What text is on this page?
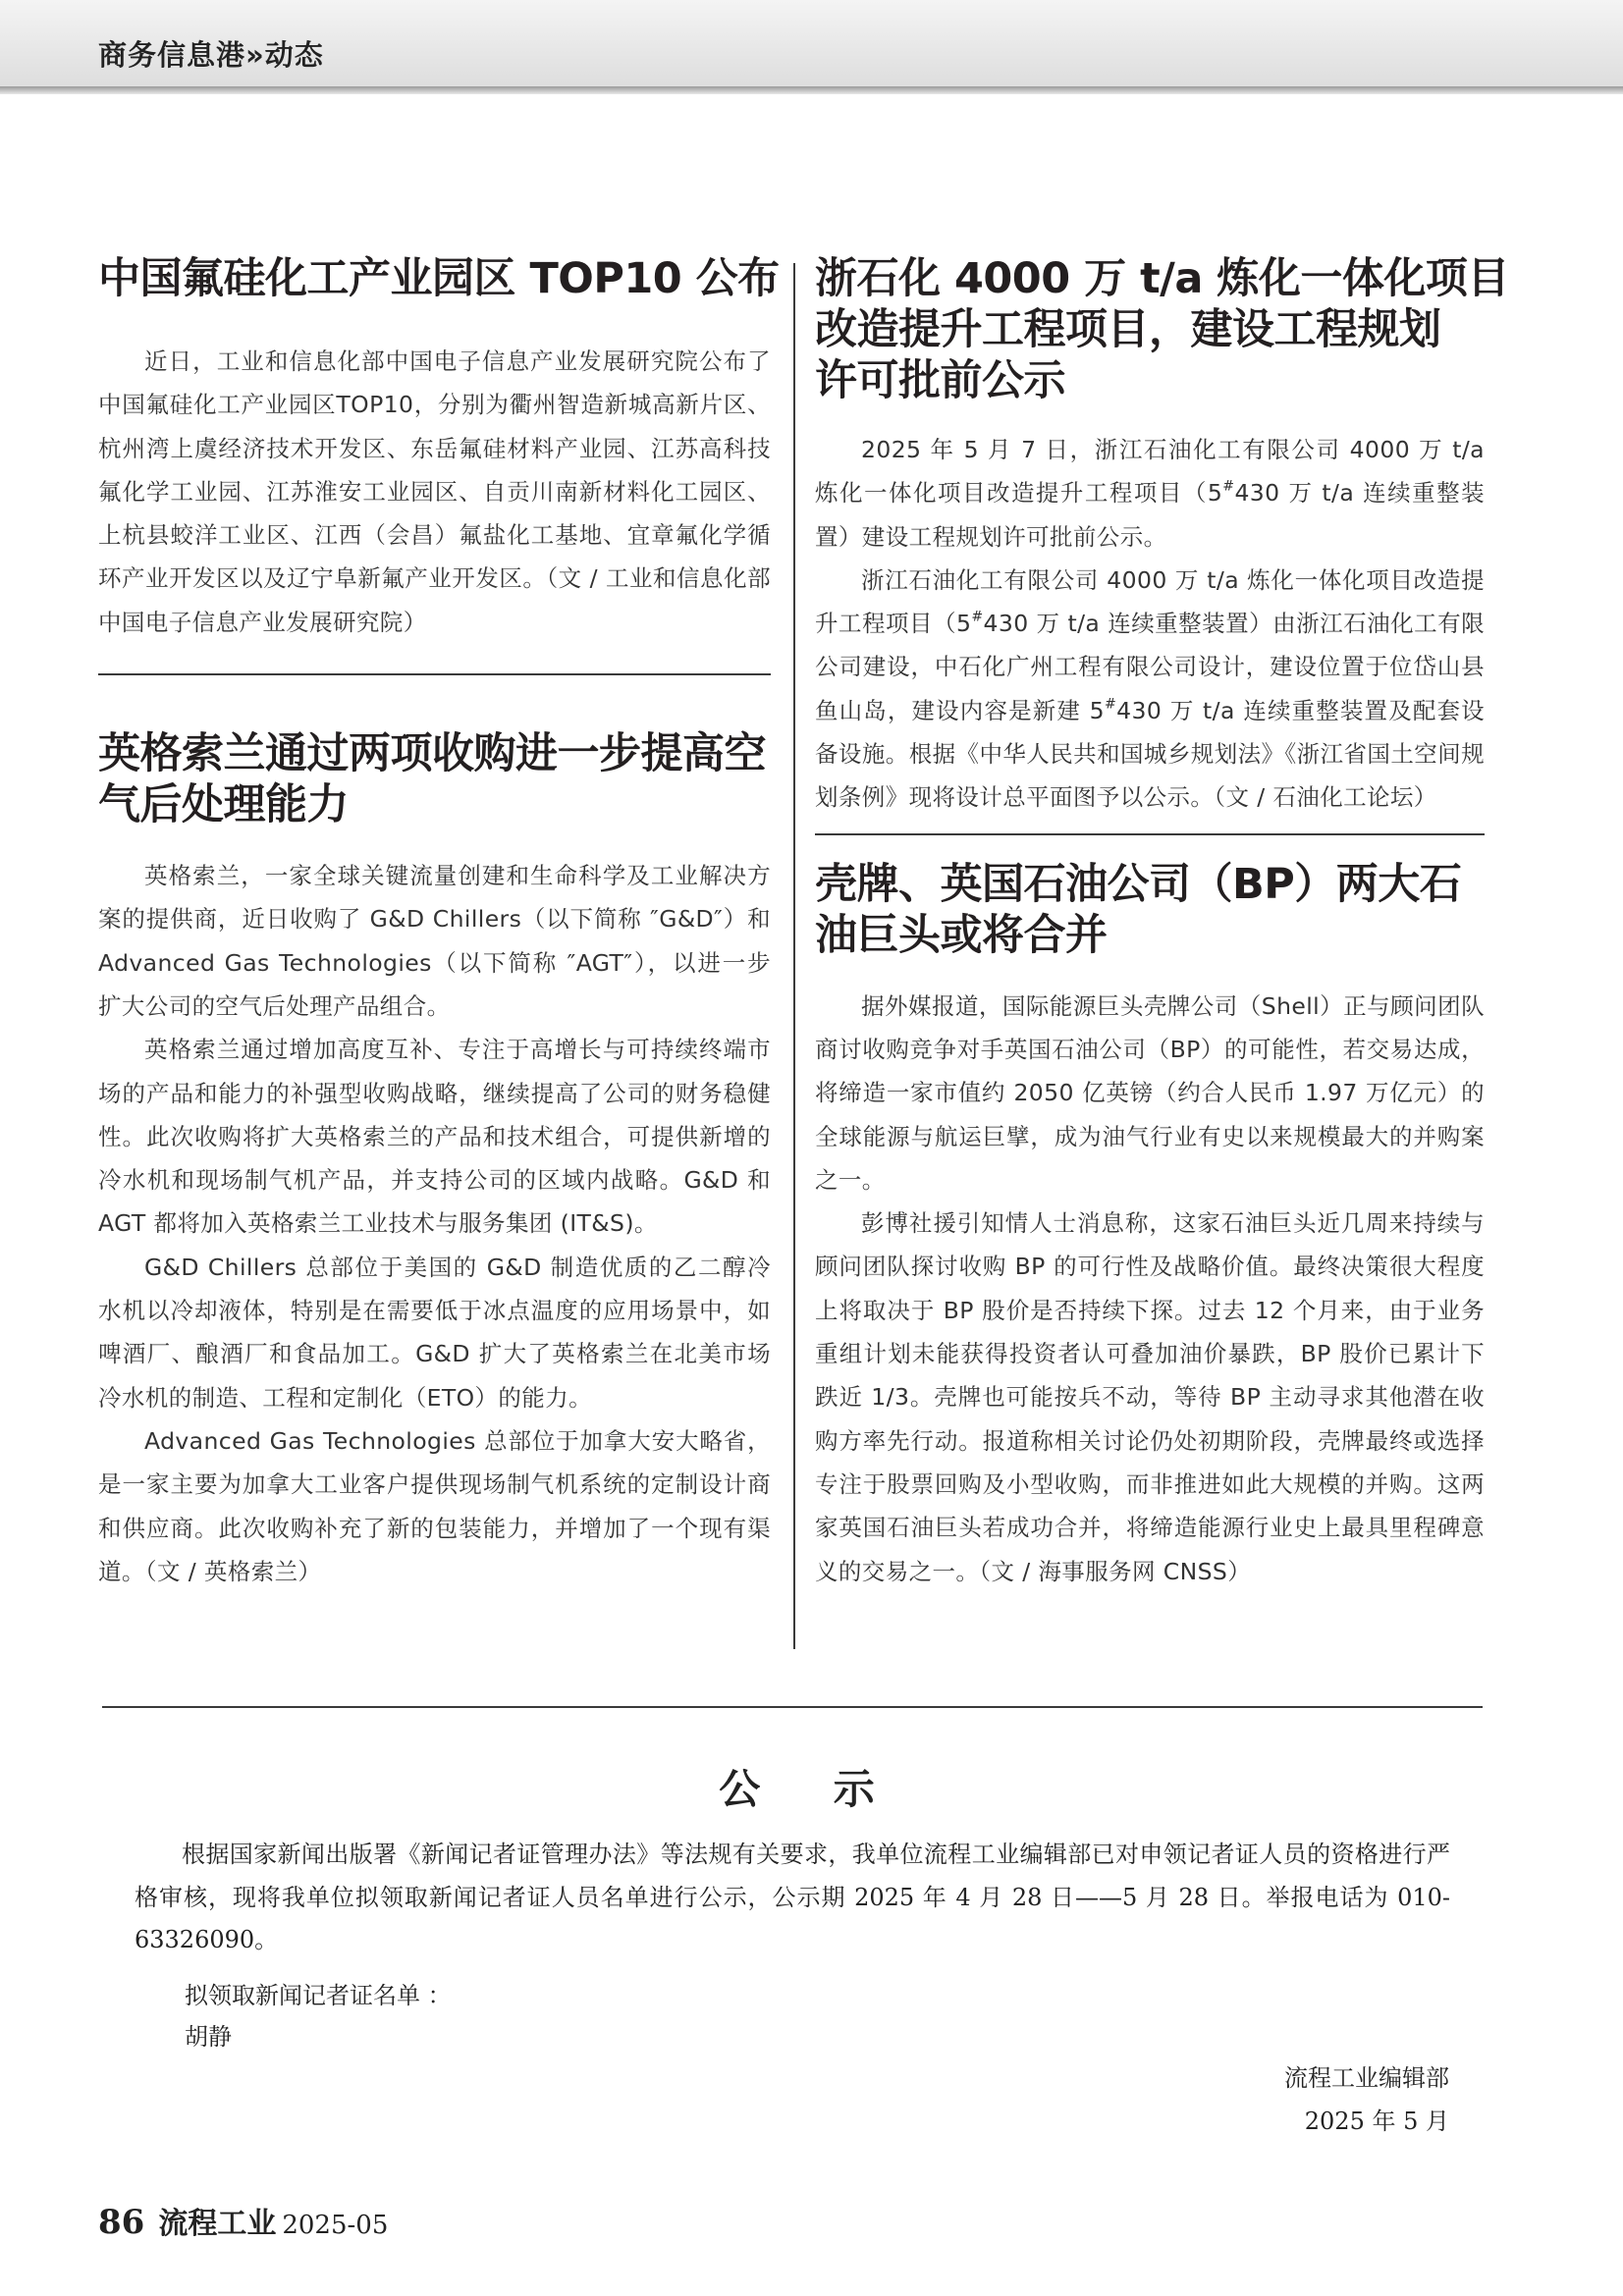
商务信息港»动态
中国氟硅化工产业园区 TOP10 公布
近日，工业和信息化部中国电子信息产业发展研究院公布了中国氟硅化工产业园区TOP10，分别为衢州智造新城高新片区、杭州湾上虞经济技术开发区、东岳氟硅材料产业园、江苏高科技氟化学工业园、江苏淮安工业园区、自贡川南新材料化工园区、上杭县蛟洋工业区、江西（会昌）氟盐化工基地、宜章氟化学循环产业开发区以及辽宁阜新氟产业开发区。（文 / 工业和信息化部中国电子信息产业发展研究院）
英格索兰通过两项收购进一步提高空
气后处理能力
英格索兰，一家全球关键流量创建和生命科学及工业解决方案的提供商，近日收购了 G&D Chillers（以下简称 ″G&D″）和 Advanced Gas Technologies（以下简称 ″AGT″），以进一步扩大公司的空气后处理产品组合。
英格索兰通过增加高度互补、专注于高增长与可持续终端市场的产品和能力的补强型收购战略，继续提高了公司的财务稳健性。此次收购将扩大英格索兰的产品和技术组合，可提供新增的冷水机和现场制气机产品，并支持公司的区域内战略。G&D 和 AGT 都将加入英格索兰工业技术与服务集团 (IT&S)。
G&D Chillers 总部位于美国的 G&D 制造优质的乙二醇冷水机以冷却液体，特别是在需要低于冰点温度的应用场景中，如啤酒厂、酿酒厂和食品加工。G&D 扩大了英格索兰在北美市场冷水机的制造、工程和定制化（ETO）的能力。
Advanced Gas Technologies 总部位于加拿大安大略省，是一家主要为加拿大工业客户提供现场制气机系统的定制设计商和供应商。此次收购补充了新的包装能力，并增加了一个现有渠道。（文 / 英格索兰）
浙石化 4000 万 t/a 炼化一体化项目
改造提升工程项目，建设工程规划
许可批前公示
2025 年 5 月 7 日，浙江石油化工有限公司 4000 万 t/a 炼化一体化项目改造提升工程项目（5#430 万 t/a 连续重整装置）建设工程规划许可批前公示。
浙江石油化工有限公司 4000 万 t/a 炼化一体化项目改造提升工程项目（5#430 万 t/a 连续重整装置）由浙江石油化工有限公司建设，中石化广州工程有限公司设计，建设位置于位岱山县鱼山岛，建设内容是新建 5#430 万 t/a 连续重整装置及配套设备设施。根据《中华人民共和国城乡规划法》《浙江省国土空间规划条例》现将设计总平面图予以公示。（文 / 石油化工论坛）
壳牌、英国石油公司（BP）两大石
油巨头或将合并
据外媒报道，国际能源巨头壳牌公司（Shell）正与顾问团队商讨收购竞争对手英国石油公司（BP）的可能性，若交易达成，将缔造一家市值约 2050 亿英镑（约合人民币 1.97 万亿元）的全球能源与航运巨擘，成为油气行业有史以来规模最大的并购案之一。
彭博社援引知情人士消息称，这家石油巨头近几周来持续与顾问团队探讨收购 BP 的可行性及战略价值。最终决策很大程度上将取决于 BP 股价是否持续下探。过去 12 个月来，由于业务重组计划未能获得投资者认可叠加油价暴跌，BP 股价已累计下跌近 1/3。壳牌也可能按兵不动，等待 BP 主动寻求其他潜在收购方率先行动。报道称相关讨论仍处初期阶段，壳牌最终或选择专注于股票回购及小型收购，而非推进如此大规模的并购。这两家英国石油巨头若成功合并，将缔造能源行业史上最具里程碑意义的交易之一。（文 / 海事服务网 CNSS）
公 示
根据国家新闻出版署《新闻记者证管理办法》等法规有关要求，我单位流程工业编辑部已对申领记者证人员的资格进行严格审核，现将我单位拟领取新闻记者证人员名单进行公示，公示期 2025 年 4 月 28 日——5 月 28 日。举报电话为 010-63326090。
拟领取新闻记者证名单 ：
胡静
流程工业编辑部
2025 年 5 月
86 流程工业 2025-05
